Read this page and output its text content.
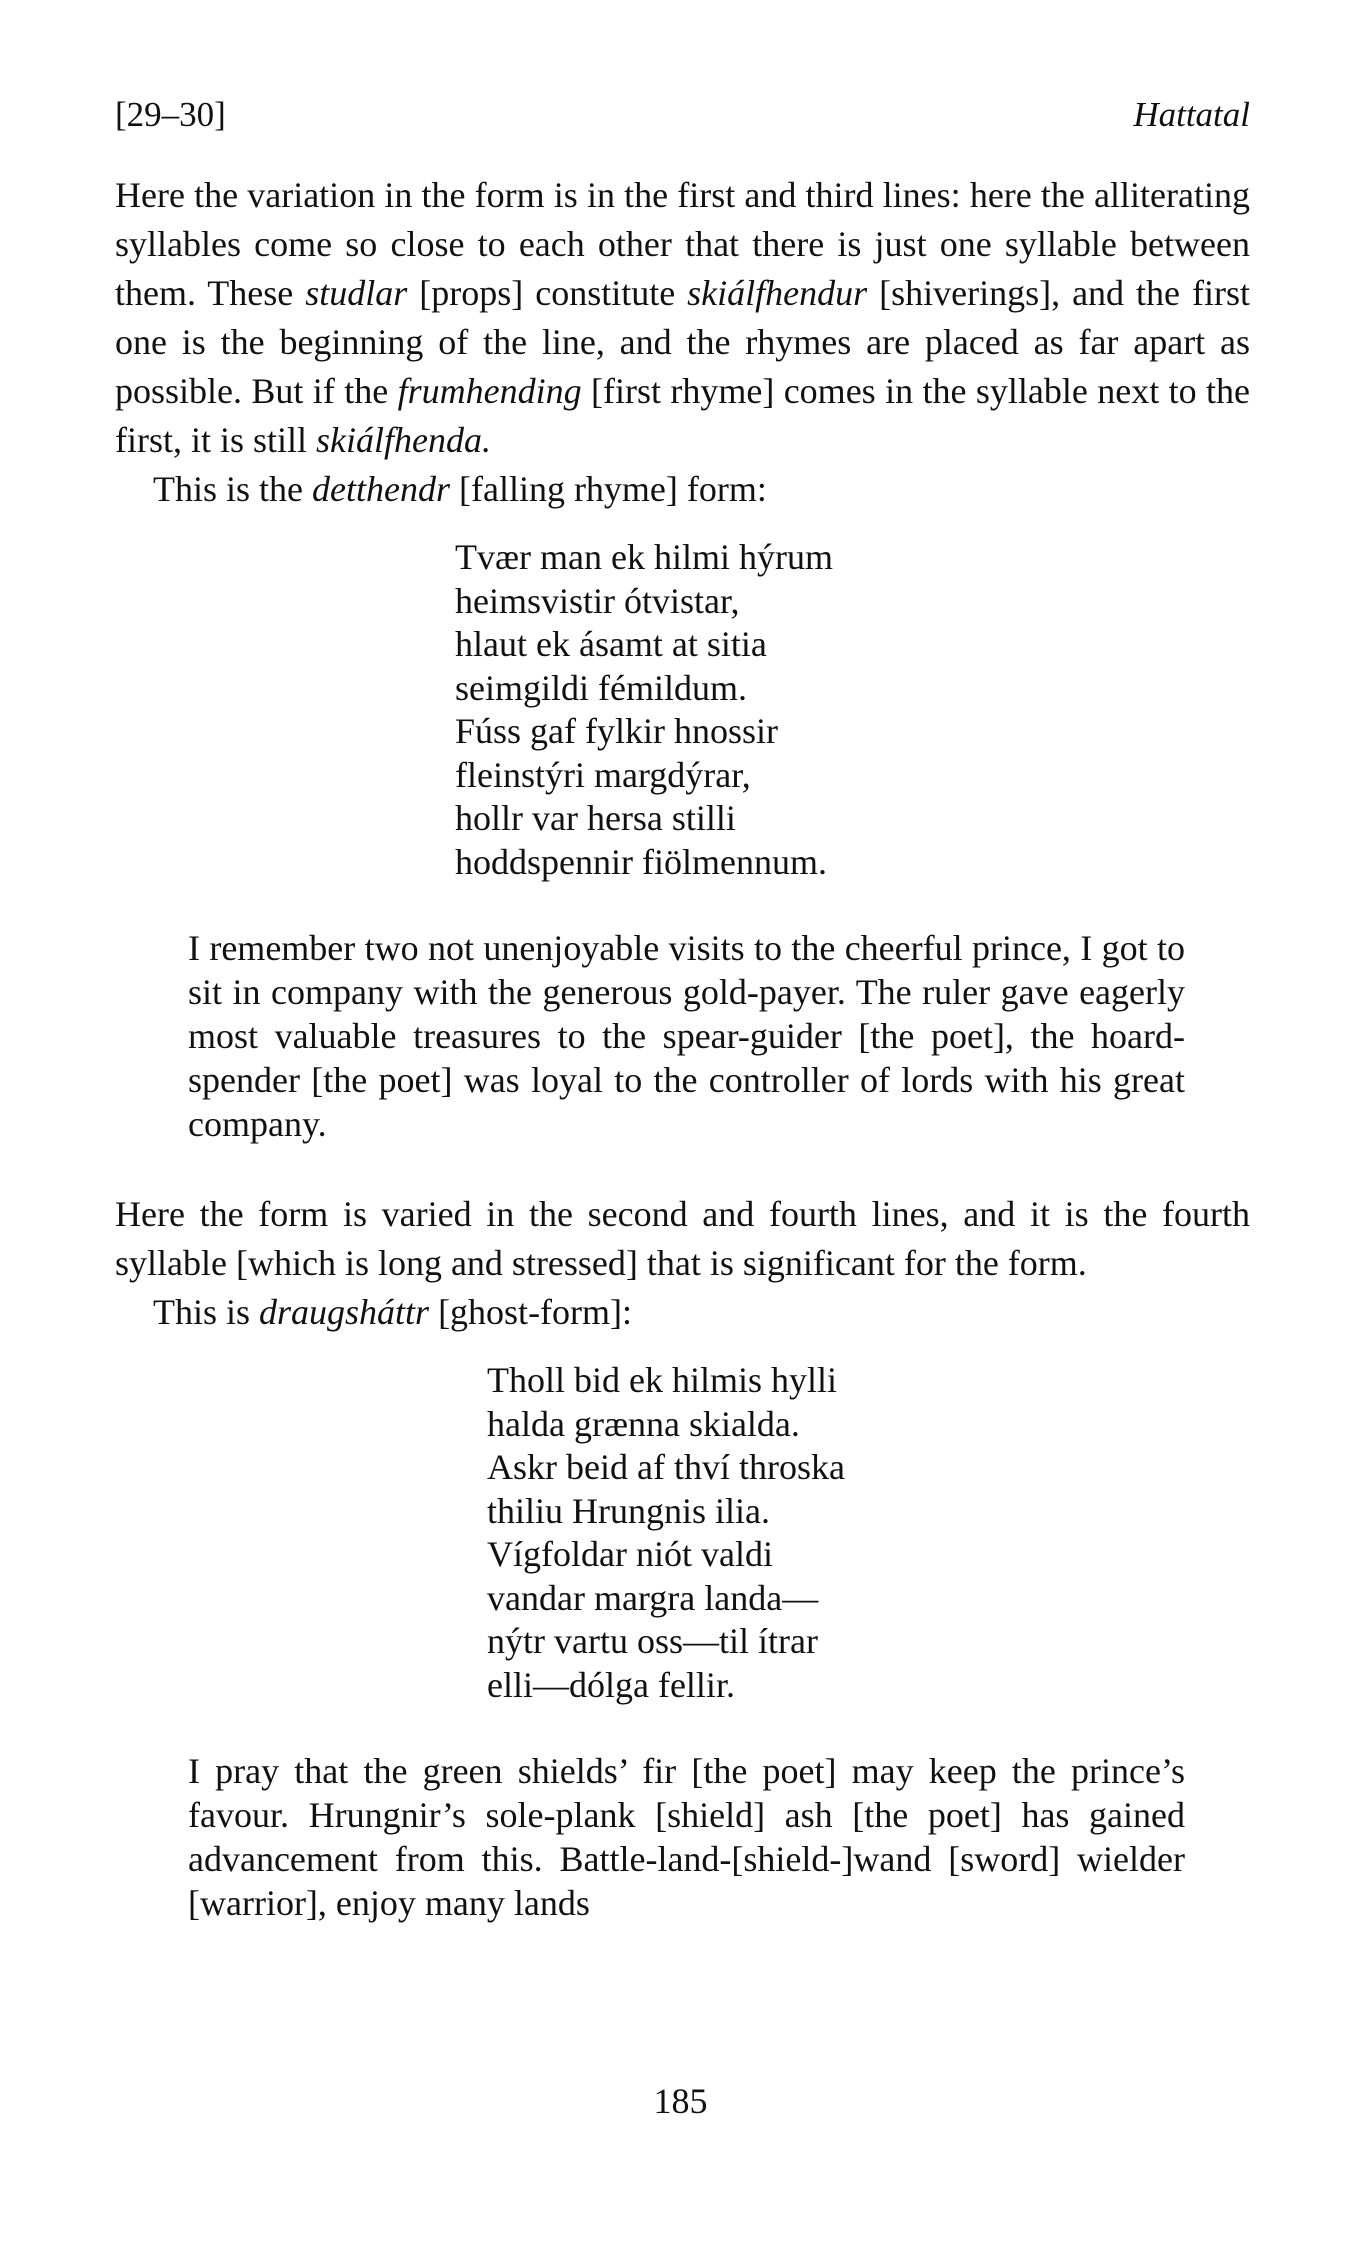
[29–30]	Hattatal

Here the variation in the form is in the first and third lines: here the alliterating syllables come so close to each other that there is just one syllable between them. These studlar [props] constitute skiálfhendur [shiverings], and the first one is the beginning of the line, and the rhymes are placed as far apart as possible. But if the frumhending [first rhyme] comes in the syllable next to the first, it is still skiálfhenda.

This is the detthendr [falling rhyme] form:

Tvær man ek hilmi hýrum
heimsvistir ótvistar,
hlaut ek ásamt at sitia
seimgildi fémildum.
Fúss gaf fylkir hnossir
fleinstýri margdýrar,
hollr var hersa stilli
hoddspennir fiölmennum.

I remember two not unenjoyable visits to the cheerful prince, I got to sit in company with the generous gold-payer. The ruler gave eagerly most valuable treasures to the spear-guider [the poet], the hoard-spender [the poet] was loyal to the controller of lords with his great company.

Here the form is varied in the second and fourth lines, and it is the fourth syllable [which is long and stressed] that is significant for the form.

This is draugsháttr [ghost-form]:

Tholl bid ek hilmis hylli
halda grænna skialda.
Askr beid af thví throska
thiliu Hrungnis ilia.
Vígfoldar niót valdi
vandar margra landa—
nýtr vartu oss—til ítrar
elli—dólga fellir.

I pray that the green shields’ fir [the poet] may keep the prince’s favour. Hrungnir’s sole-plank [shield] ash [the poet] has gained advancement from this. Battle-land-[shield-]wand [sword] wielder [warrior], enjoy many lands

185
